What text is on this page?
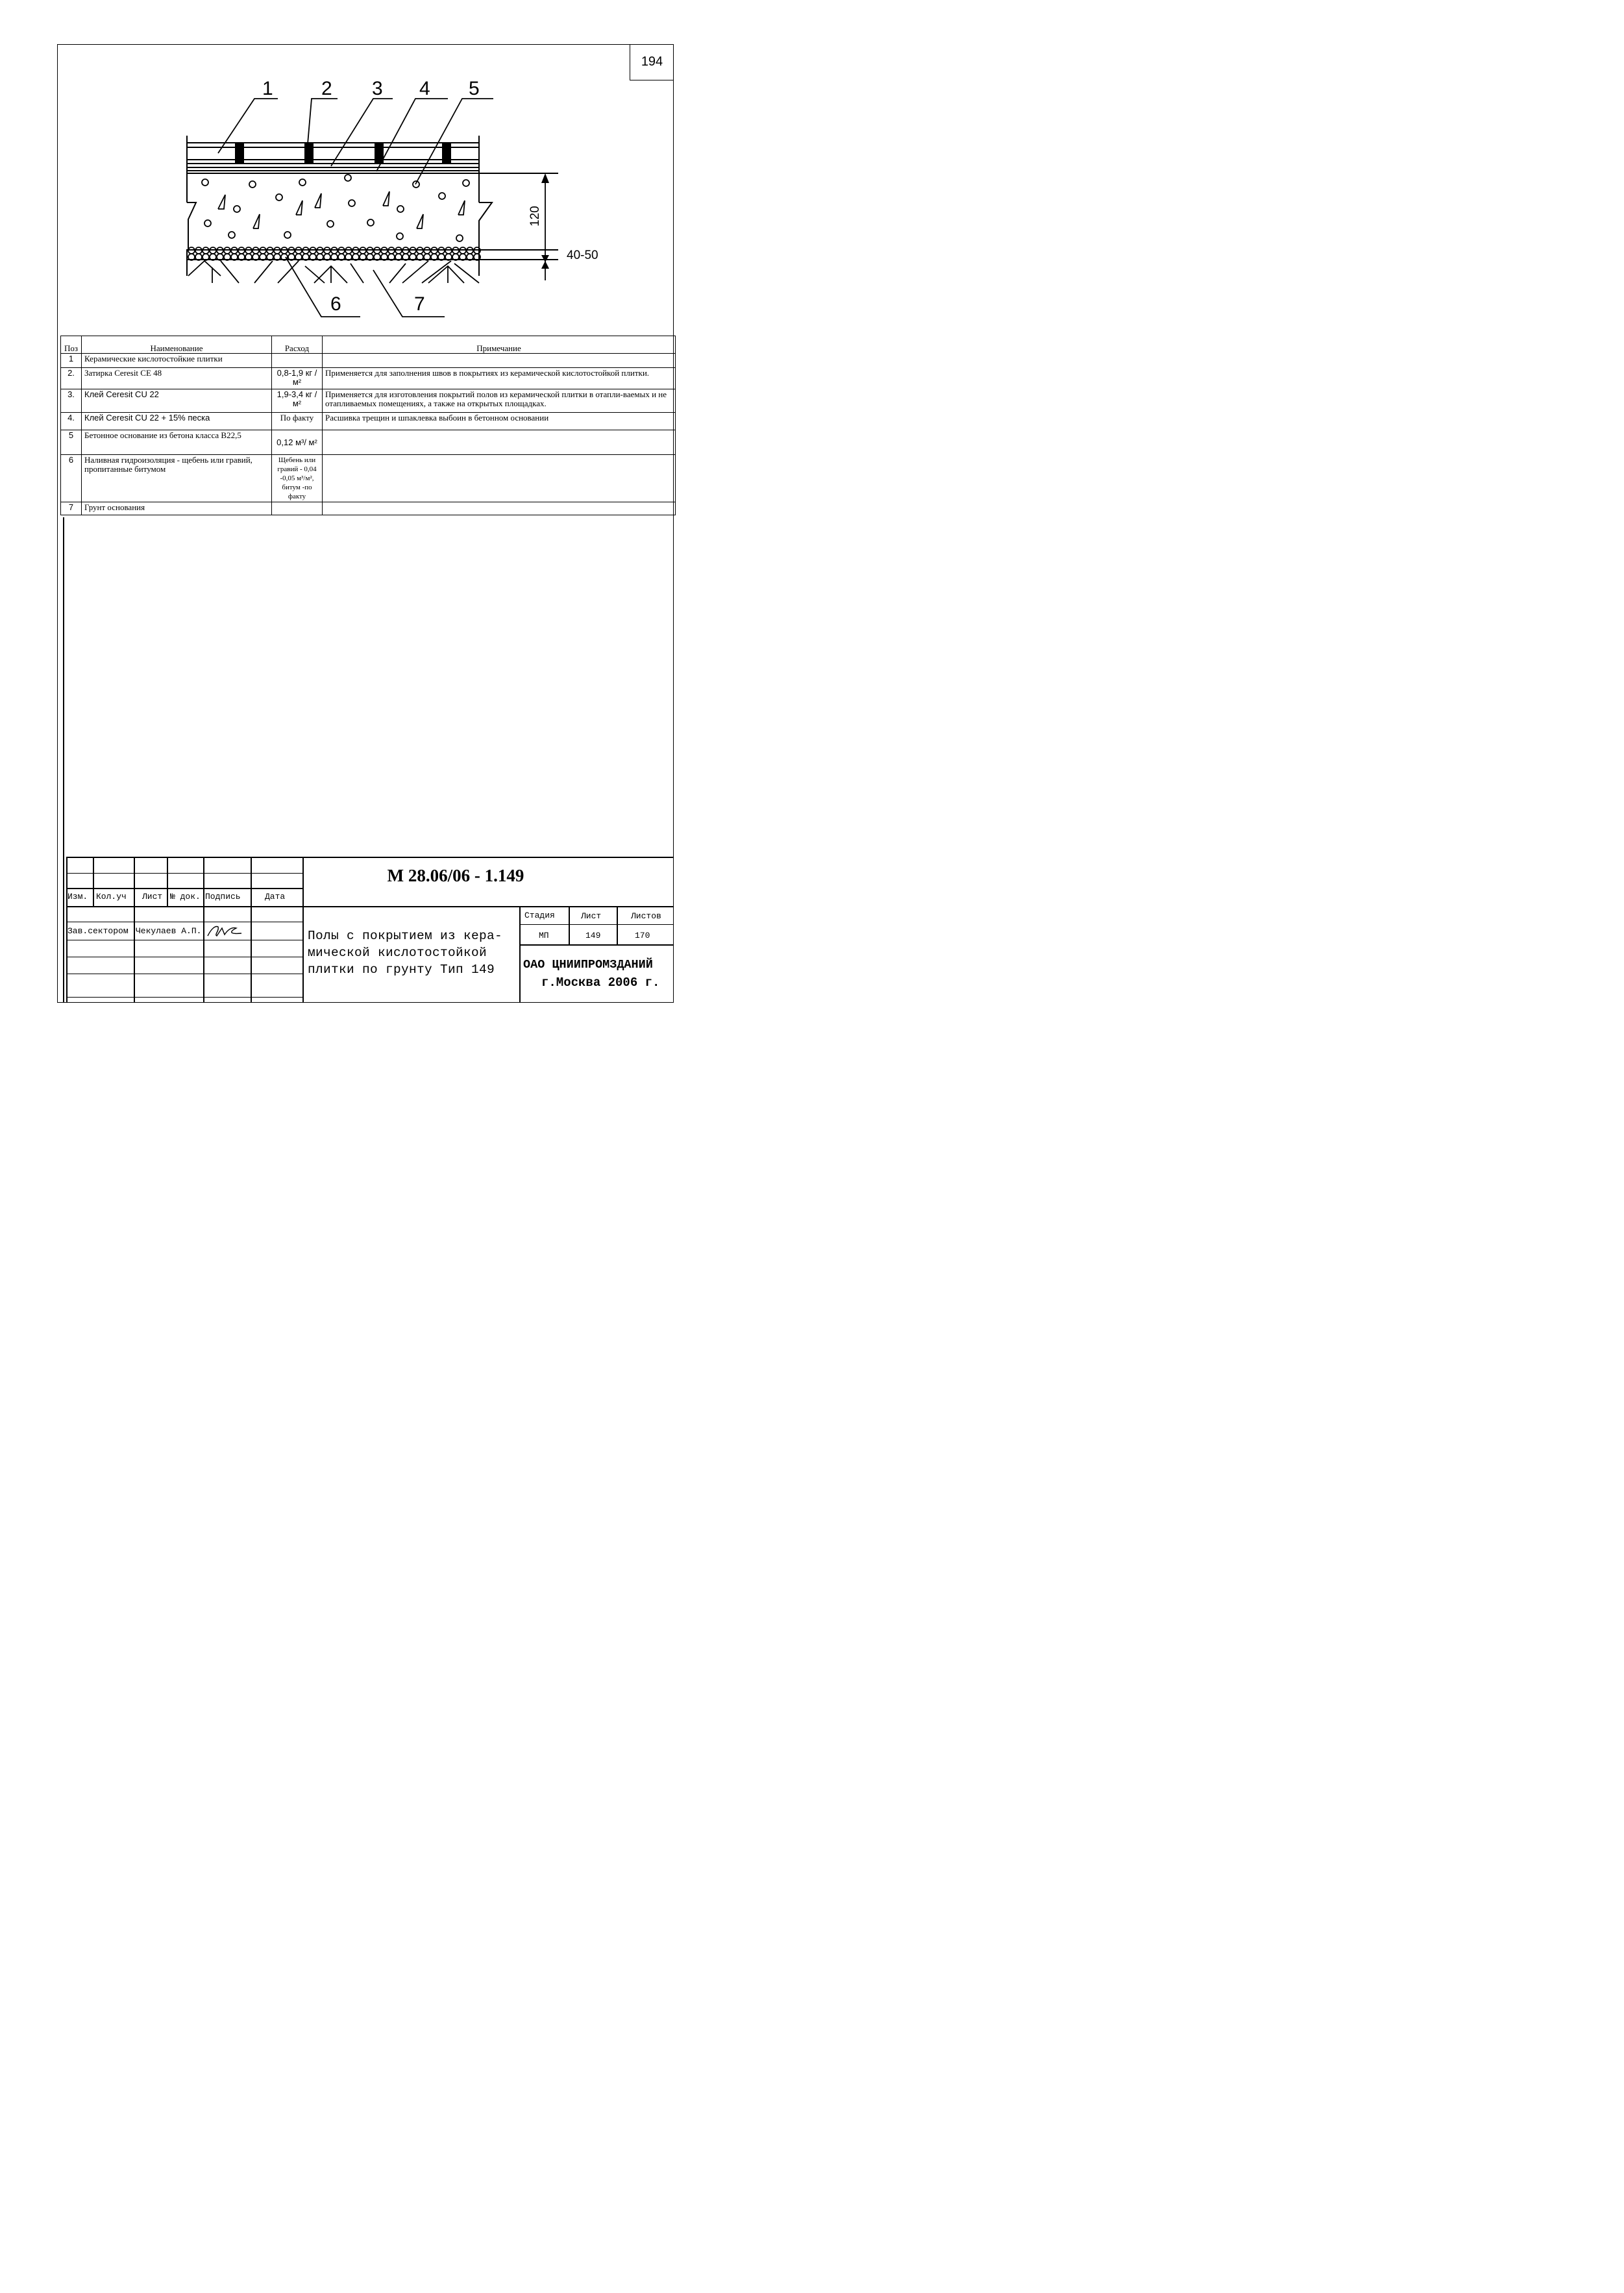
194
1 2 3 4 5
6	7
120
40-50
Поз	Наименование	Расход	Примечание
1	Керамические кислотостойкие плитки		
2.	Затирка Ceresit CE 48	0,8-1,9 кг / м²	Применяется для заполнения швов в покрытиях из керамической кислотостойкой плитки.
3.	Клей Ceresit CU 22	1,9-3,4 кг / м²	Применяется для изготовления покрытий полов из керамической плитки в отапли-ваемых и не отапливаемых помещениях, а также на открытых площадках.
4.	Клей Ceresit CU 22 + 15% песка	По факту	Расшивка трещин и шпаклевка выбоин в бетонном основании
5	Бетонное основание из бетона класса B22,5	0,12 м³/ м²	
6	Наливная гидроизоляция - щебень или гравий, пропитанные битумом	Щебень или гравий - 0,04 -0,05 м³/м², битум -по факту	
7	Грунт основания		
М 28.06/06 - 1.149
Изм. Кол.уч Лист № док. Подпись	Дата
Зав.сектором Чекулаев А.П.	Полы с покрытием из кера-мической кислотостойкой плитки по грунту Тип 149
Стадия	Лист	Листов
МП	149	170
ОАО ЦНИИПРОМЗДАНИЙ
г.Москва 2006 г.
